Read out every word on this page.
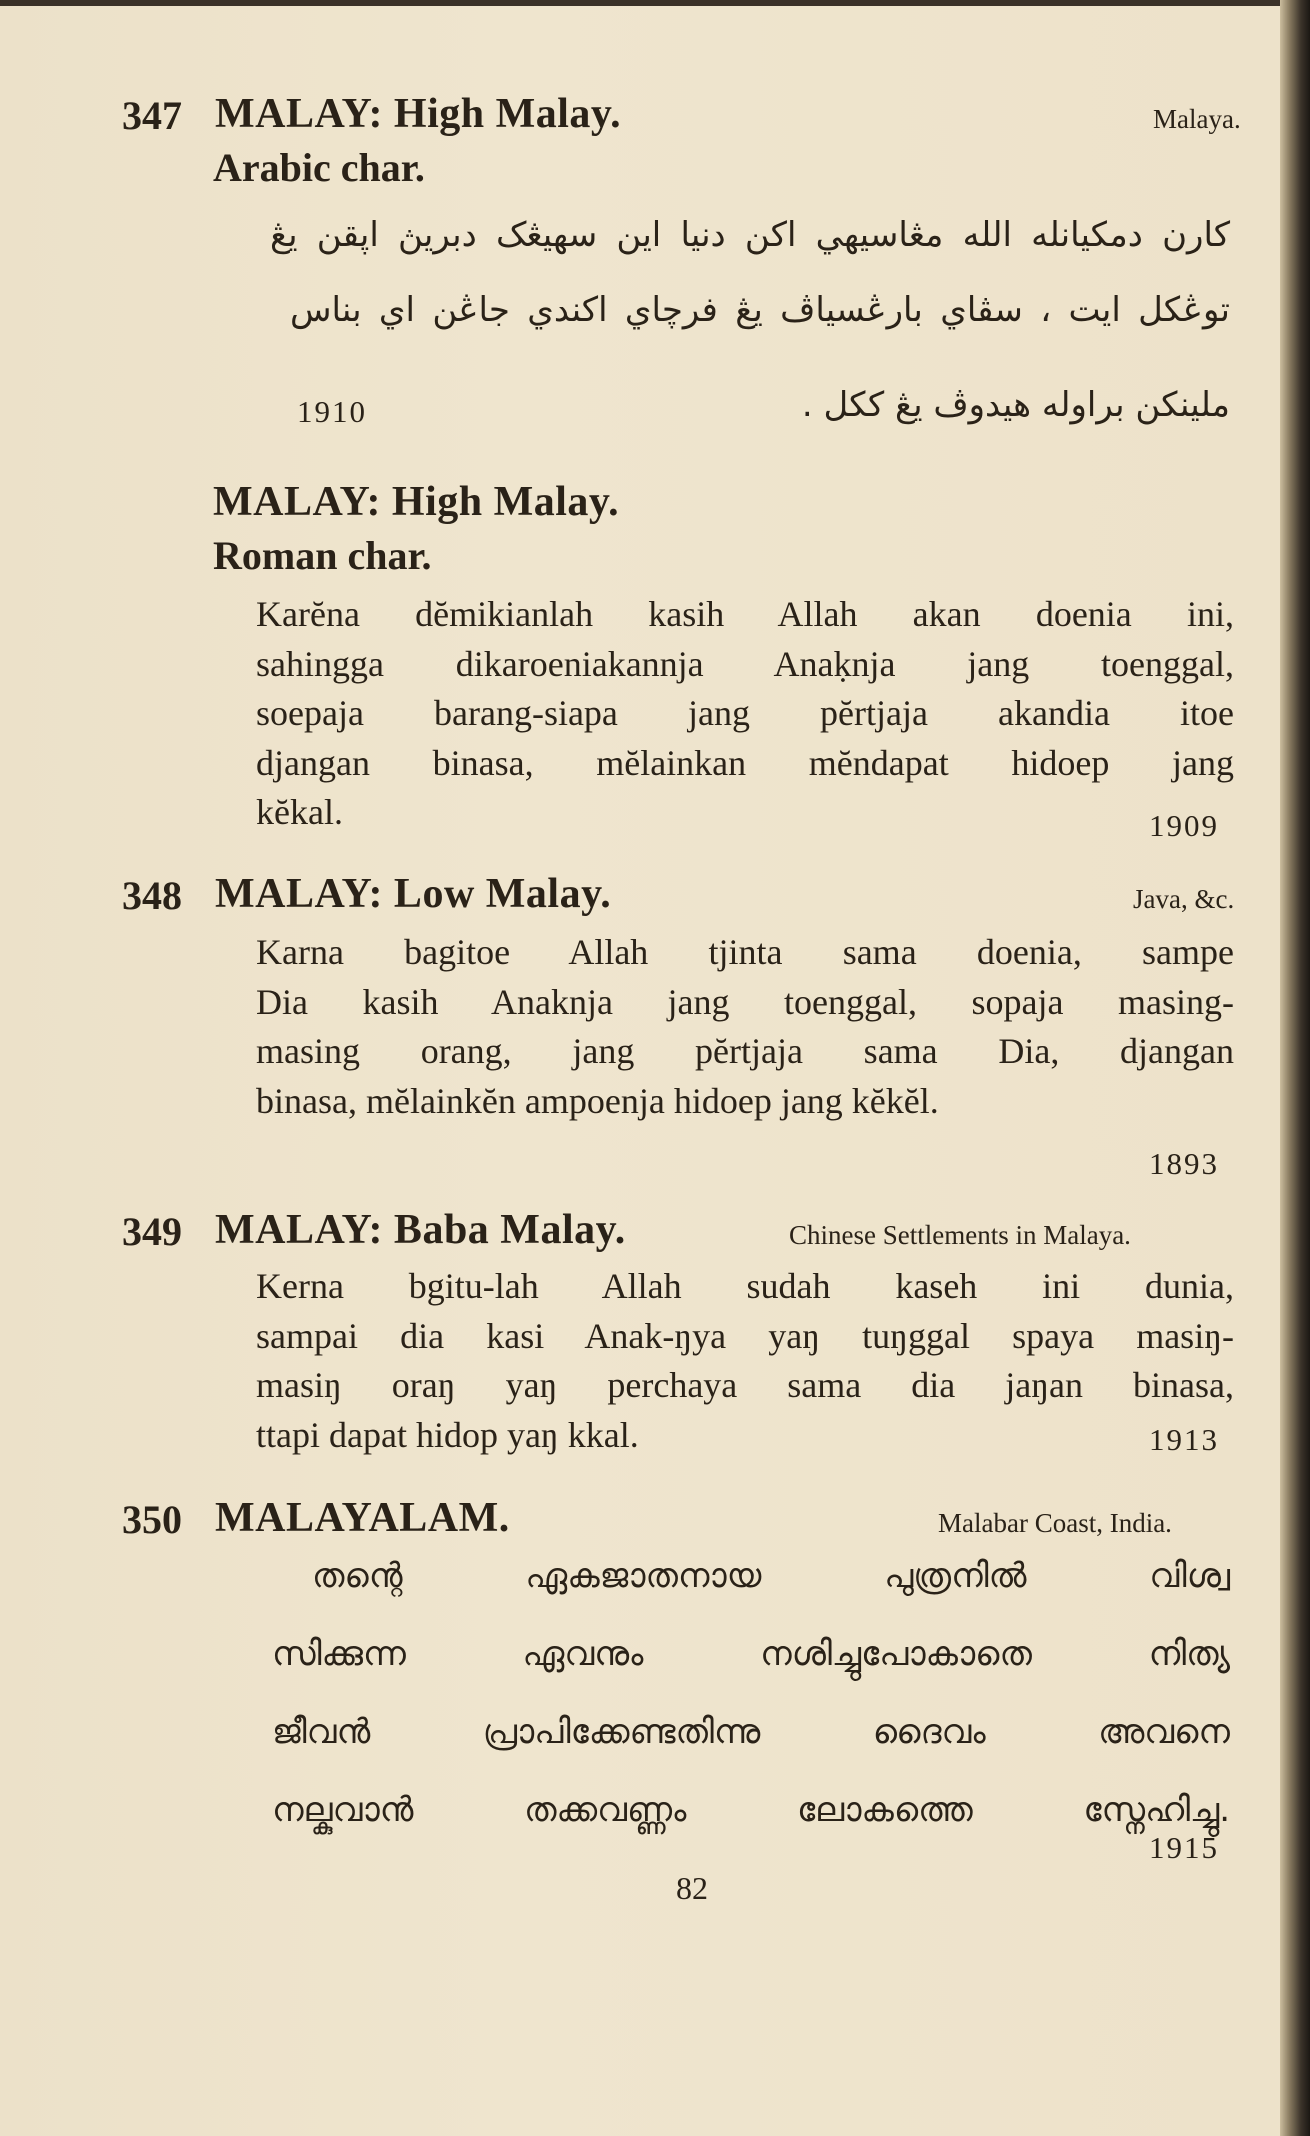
347 MALAY: High Malay.	Malaya.
Arabic char.
کارن دمکیانله الله مڠاسیهي اکن دنیا این سهیڠک دبریڽ اڽقن يڠ
توڠکل ايت ، سڤاي بارڠسياڤ يڠ فرچاي اکندي جاڠن اي بناس
1910	ملينکن براوله هيدوڤ يڠ ککل .
MALAY: High Malay.
Roman char.
Karĕna dĕmikianlah kasih Allah akan doenia ini,
sahingga dikaroeniakannja Anaḳnja jang toenggal,
soepaja barang-siapa jang pĕrtjaja akandia itoe
djangan binasa, mĕlainkan mĕndapat hidoep jang
kĕkal.	1909
348 MALAY: Low Malay.	Java, &c.
Karna bagitoe Allah tjinta sama doenia, sampe
Dia kasih Anaknja jang toenggal, sopaja masing-
masing orang, jang pĕrtjaja sama Dia, djangan
binasa, mĕlainkĕn ampoenja hidoep jang kĕkĕl.
1893
349 MALAY: Baba Malay.	Chinese Settlements in Malaya.
Kerna bgitu-lah Allah sudah kaseh ini dunia,
sampai dia kasi Anak-ŋya yaŋ tuŋggal spaya masiŋ-
masiŋ oraŋ yaŋ perchaya sama dia jaŋan binasa,
ttapi dapat hidop yaŋ kkal.	1913
350 MALAYALAM.	Malabar Coast, India.
തന്റെ ഏകജാതനായ പുത്രനിൽ വിശ്വ
സിക്കുന്ന ഏവനും നശിച്ചുപോകാതെ നിത്യ
ജീവൻ പ്രാപിക്കേണ്ടതിന്നു ദൈവം അവനെ
നല്കുവാൻ തക്കവണ്ണം ലോകത്തെ സ്നേഹിച്ചു.
1915
82
